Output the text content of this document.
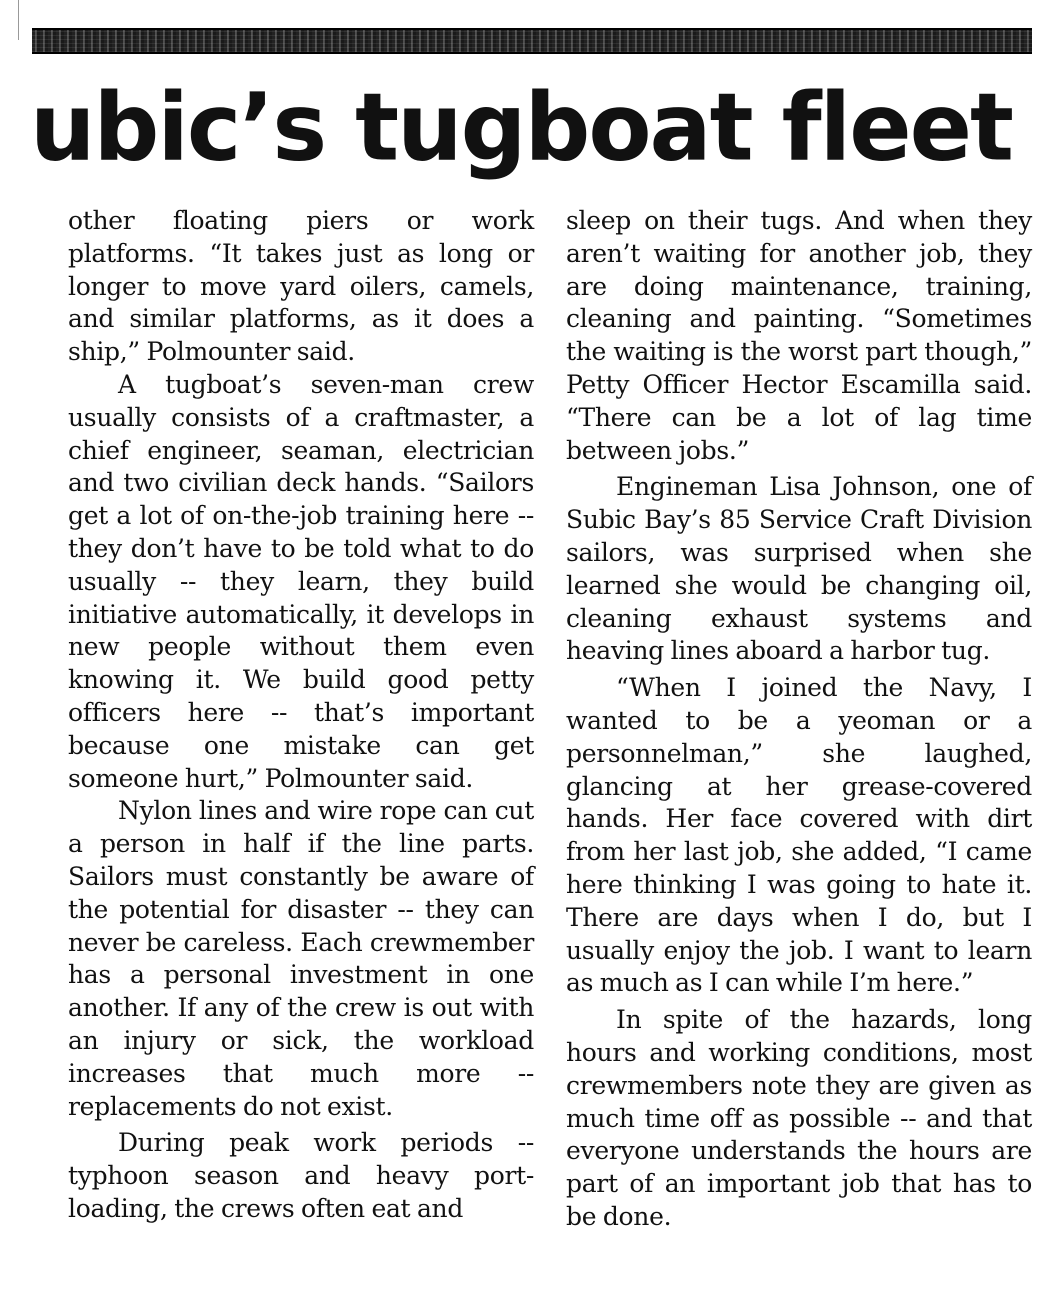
ubic’s tugboat fleet

other floating piers or work platforms. “It takes just as long or longer to move yard oilers, camels, and similar platforms, as it does a ship,” Polmounter said.

A tugboat’s seven-man crew usually consists of a craftmaster, a chief engineer, seaman, electrician and two civilian deck hands. “Sailors get a lot of on-the-job training here -- they don’t have to be told what to do usually -- they learn, they build initiative automatically, it develops in new people without them even knowing it. We build good petty officers here -- that’s important because one mistake can get someone hurt,” Polmounter said.

Nylon lines and wire rope can cut a person in half if the line parts. Sailors must constantly be aware of the potential for disaster -- they can never be careless. Each crewmember has a personal investment in one another. If any of the crew is out with an injury or sick, the workload increases that much more -- replacements do not exist.

During peak work periods -- typhoon season and heavy port-loading, the crews often eat and

sleep on their tugs. And when they aren’t waiting for another job, they are doing maintenance, training, cleaning and painting. “Sometimes the waiting is the worst part though,” Petty Officer Hector Escamilla said. “There can be a lot of lag time between jobs.”

Engineman Lisa Johnson, one of Subic Bay’s 85 Service Craft Division sailors, was surprised when she learned she would be changing oil, cleaning exhaust systems and heaving lines aboard a harbor tug.

“When I joined the Navy, I wanted to be a yeoman or a personnelman,” she laughed, glancing at her grease-covered hands. Her face covered with dirt from her last job, she added, “I came here thinking I was going to hate it. There are days when I do, but I usually enjoy the job. I want to learn as much as I can while I’m here.”

In spite of the hazards, long hours and working conditions, most crewmembers note they are given as much time off as possible -- and that everyone understands the hours are part of an important job that has to be done.
